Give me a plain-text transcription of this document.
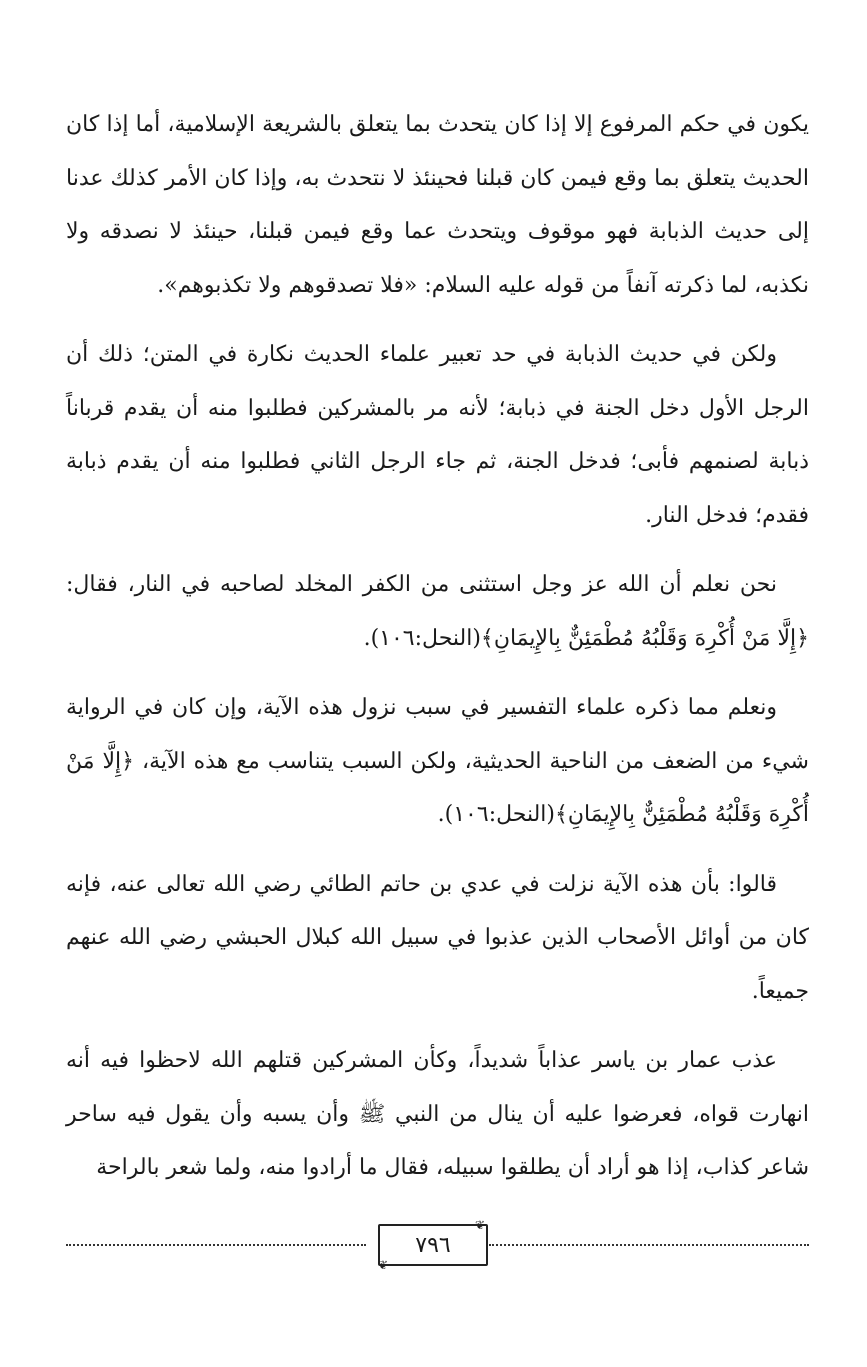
يكون في حكم المرفوع إلا إذا كان يتحدث بما يتعلق بالشريعة الإسلامية، أما إذا كان الحديث يتعلق بما وقع فيمن كان قبلنا فحينئذ لا نتحدث به، وإذا كان الأمر كذلك عدنا إلى حديث الذبابة فهو موقوف ويتحدث عما وقع فيمن قبلنا، حينئذ لا نصدقه ولا نكذبه، لما ذكرته آنفاً من قوله عليه السلام: «فلا تصدقوهم ولا تكذبوهم».

ولكن في حديث الذبابة في حد تعبير علماء الحديث نكارة في المتن؛ ذلك أن الرجل الأول دخل الجنة في ذبابة؛ لأنه مر بالمشركين فطلبوا منه أن يقدم قرباناً ذبابة لصنمهم فأبى؛ فدخل الجنة، ثم جاء الرجل الثاني فطلبوا منه أن يقدم ذبابة فقدم؛ فدخل النار.

نحن نعلم أن الله عز وجل استثنى من الكفر المخلد لصاحبه في النار، فقال: ﴿إِلَّا مَنْ أُكْرِهَ وَقَلْبُهُ مُطْمَئِنٌّ بِالإِيمَانِ﴾(النحل:١٠٦).

ونعلم مما ذكره علماء التفسير في سبب نزول هذه الآية، وإن كان في الرواية شيء من الضعف من الناحية الحديثية، ولكن السبب يتناسب مع هذه الآية، ﴿إِلَّا مَنْ أُكْرِهَ وَقَلْبُهُ مُطْمَئِنٌّ بِالإِيمَانِ﴾(النحل:١٠٦).

قالوا: بأن هذه الآية نزلت في عدي بن حاتم الطائي رضي الله تعالى عنه، فإنه كان من أوائل الأصحاب الذين عذبوا في سبيل الله كبلال الحبشي رضي الله عنهم جميعاً.

عذب عمار بن ياسر عذاباً شديداً، وكأن المشركين قتلهم الله لاحظوا فيه أنه انهارت قواه، فعرضوا عليه أن ينال من النبي ﷺ وأن يسبه وأن يقول فيه ساحر شاعر كذاب، إذا هو أراد أن يطلقوا سبيله، فقال ما أرادوا منه، ولما شعر بالراحة

❦
٧٩٦
❦
